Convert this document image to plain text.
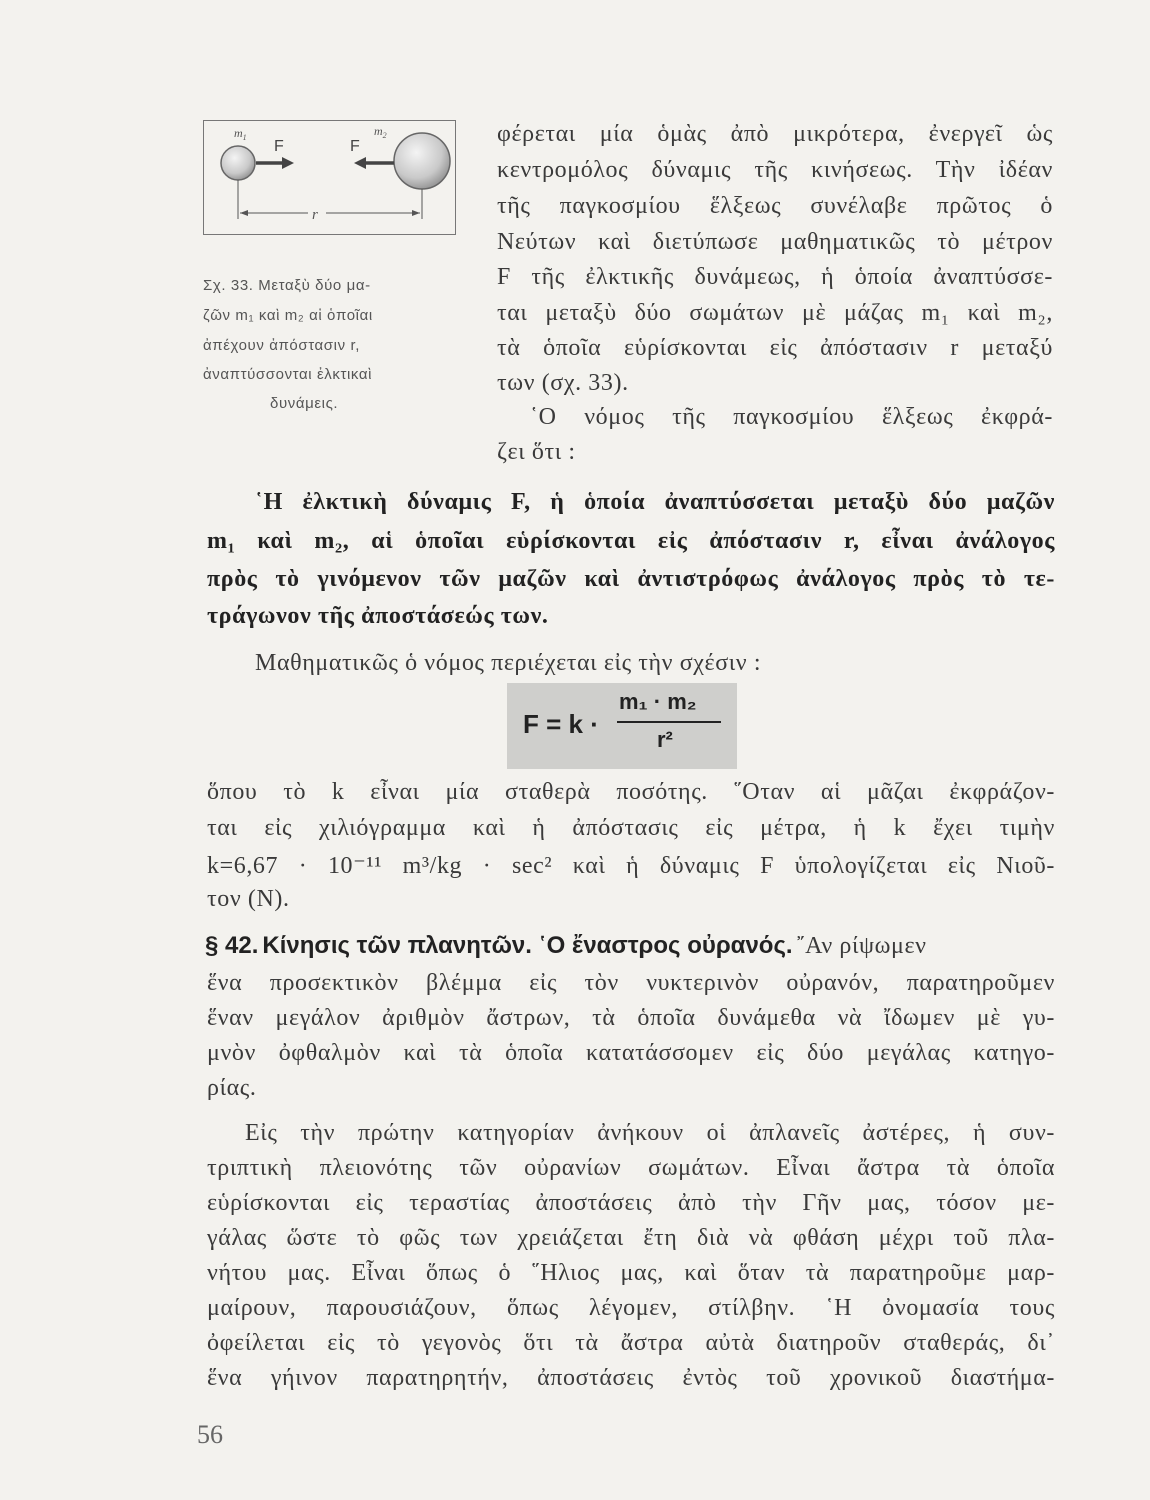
r
F	F
$m_1$	$m_2$
Σχ. 33. Μεταξὺ δύο μα-
ζῶν m₁ καὶ m₂ αἱ ὁποῖαι
ἀπέχουν ἀπόστασιν r,
ἀναπτύσσονται ἐλκτικαὶ
δυνάμεις.
φέρεται μία ὁμὰς ἀπὸ μικρότερα, ἐνεργεῖ ὡς
κεντρομόλος δύναμις τῆς κινήσεως. Τὴν ἰδέαν
τῆς παγκοσμίου ἕλξεως συνέλαβε πρῶτος ὁ
Νεύτων καὶ διετύπωσε μαθηματικῶς τὸ μέτρον
F τῆς ἐλκτικῆς δυνάμεως, ἡ ὁποία ἀναπτύσσε-
ται μεταξὺ δύο σωμάτων μὲ μάζας m₁ καὶ m₂,
τὰ ὁποῖα εὑρίσκονται εἰς ἀπόστασιν r μεταξύ
των (σχ. 33).
῾Ο νόμος τῆς παγκοσμίου ἕλξεως ἐκφρά-
ζει ὅτι :
῾Η ἐλκτικὴ δύναμις F, ἡ ὁποία ἀναπτύσσεται μεταξὺ δύο μαζῶν
m₁ καὶ m₂, αἱ ὁποῖαι εὑρίσκονται εἰς ἀπόστασιν r, εἶναι ἀνάλογος
πρὸς τὸ γινόμενον τῶν μαζῶν καὶ ἀντιστρόφως ἀνάλογος πρὸς τὸ τε-
τράγωνον τῆς ἀποστάσεώς των.
Μαθηματικῶς ὁ νόμος περιέχεται εἰς τὴν σχέσιν :
F = k ·
m₁ · m₂
r²
ὅπου τὸ k εἶναι μία σταθερὰ ποσότης. ῞Οταν αἱ μᾶζαι ἐκφράζον-
ται εἰς χιλιόγραμμα καὶ ἡ ἀπόστασις εἰς μέτρα, ἡ k ἔχει τιμὴν
k=6,67 · 10⁻¹¹ m³/kg · sec² καὶ ἡ δύναμις F ὑπολογίζεται εἰς Νιοῦ-
τον (N).
§ 42. Κίνησις τῶν πλανητῶν. ῾Ο ἔναστρος οὐρανός. ῎Αν ρίψωμεν
ἕνα προσεκτικὸν βλέμμα εἰς τὸν νυκτερινὸν οὐρανόν, παρατηροῦμεν
ἕναν μεγάλον ἀριθμὸν ἄστρων, τὰ ὁποῖα δυνάμεθα νὰ ἴδωμεν μὲ γυ-
μνὸν ὀφθαλμὸν καὶ τὰ ὁποῖα κατατάσσομεν εἰς δύο μεγάλας κατηγο-
ρίας.
Εἰς τὴν πρώτην κατηγορίαν ἀνήκουν οἱ ἀπλανεῖς ἀστέρες, ἡ συν-
τριπτικὴ πλειονότης τῶν οὐρανίων σωμάτων. Εἶναι ἄστρα τὰ ὁποῖα
εὑρίσκονται εἰς τεραστίας ἀποστάσεις ἀπὸ τὴν Γῆν μας, τόσον με-
γάλας ὥστε τὸ φῶς των χρειάζεται ἔτη διὰ νὰ φθάση μέχρι τοῦ πλα-
νήτου μας. Εἶναι ὅπως ὁ ῞Ηλιος μας, καὶ ὅταν τὰ παρατηροῦμε μαρ-
μαίρουν, παρουσιάζουν, ὅπως λέγομεν, στίλβην. ῾Η ὀνομασία τους
ὀφείλεται εἰς τὸ γεγονὸς ὅτι τὰ ἄστρα αὐτὰ διατηροῦν σταθεράς, δι᾽
ἕνα γήινον παρατηρητήν, ἀποστάσεις ἐντὸς τοῦ χρονικοῦ διαστήμα-
56
